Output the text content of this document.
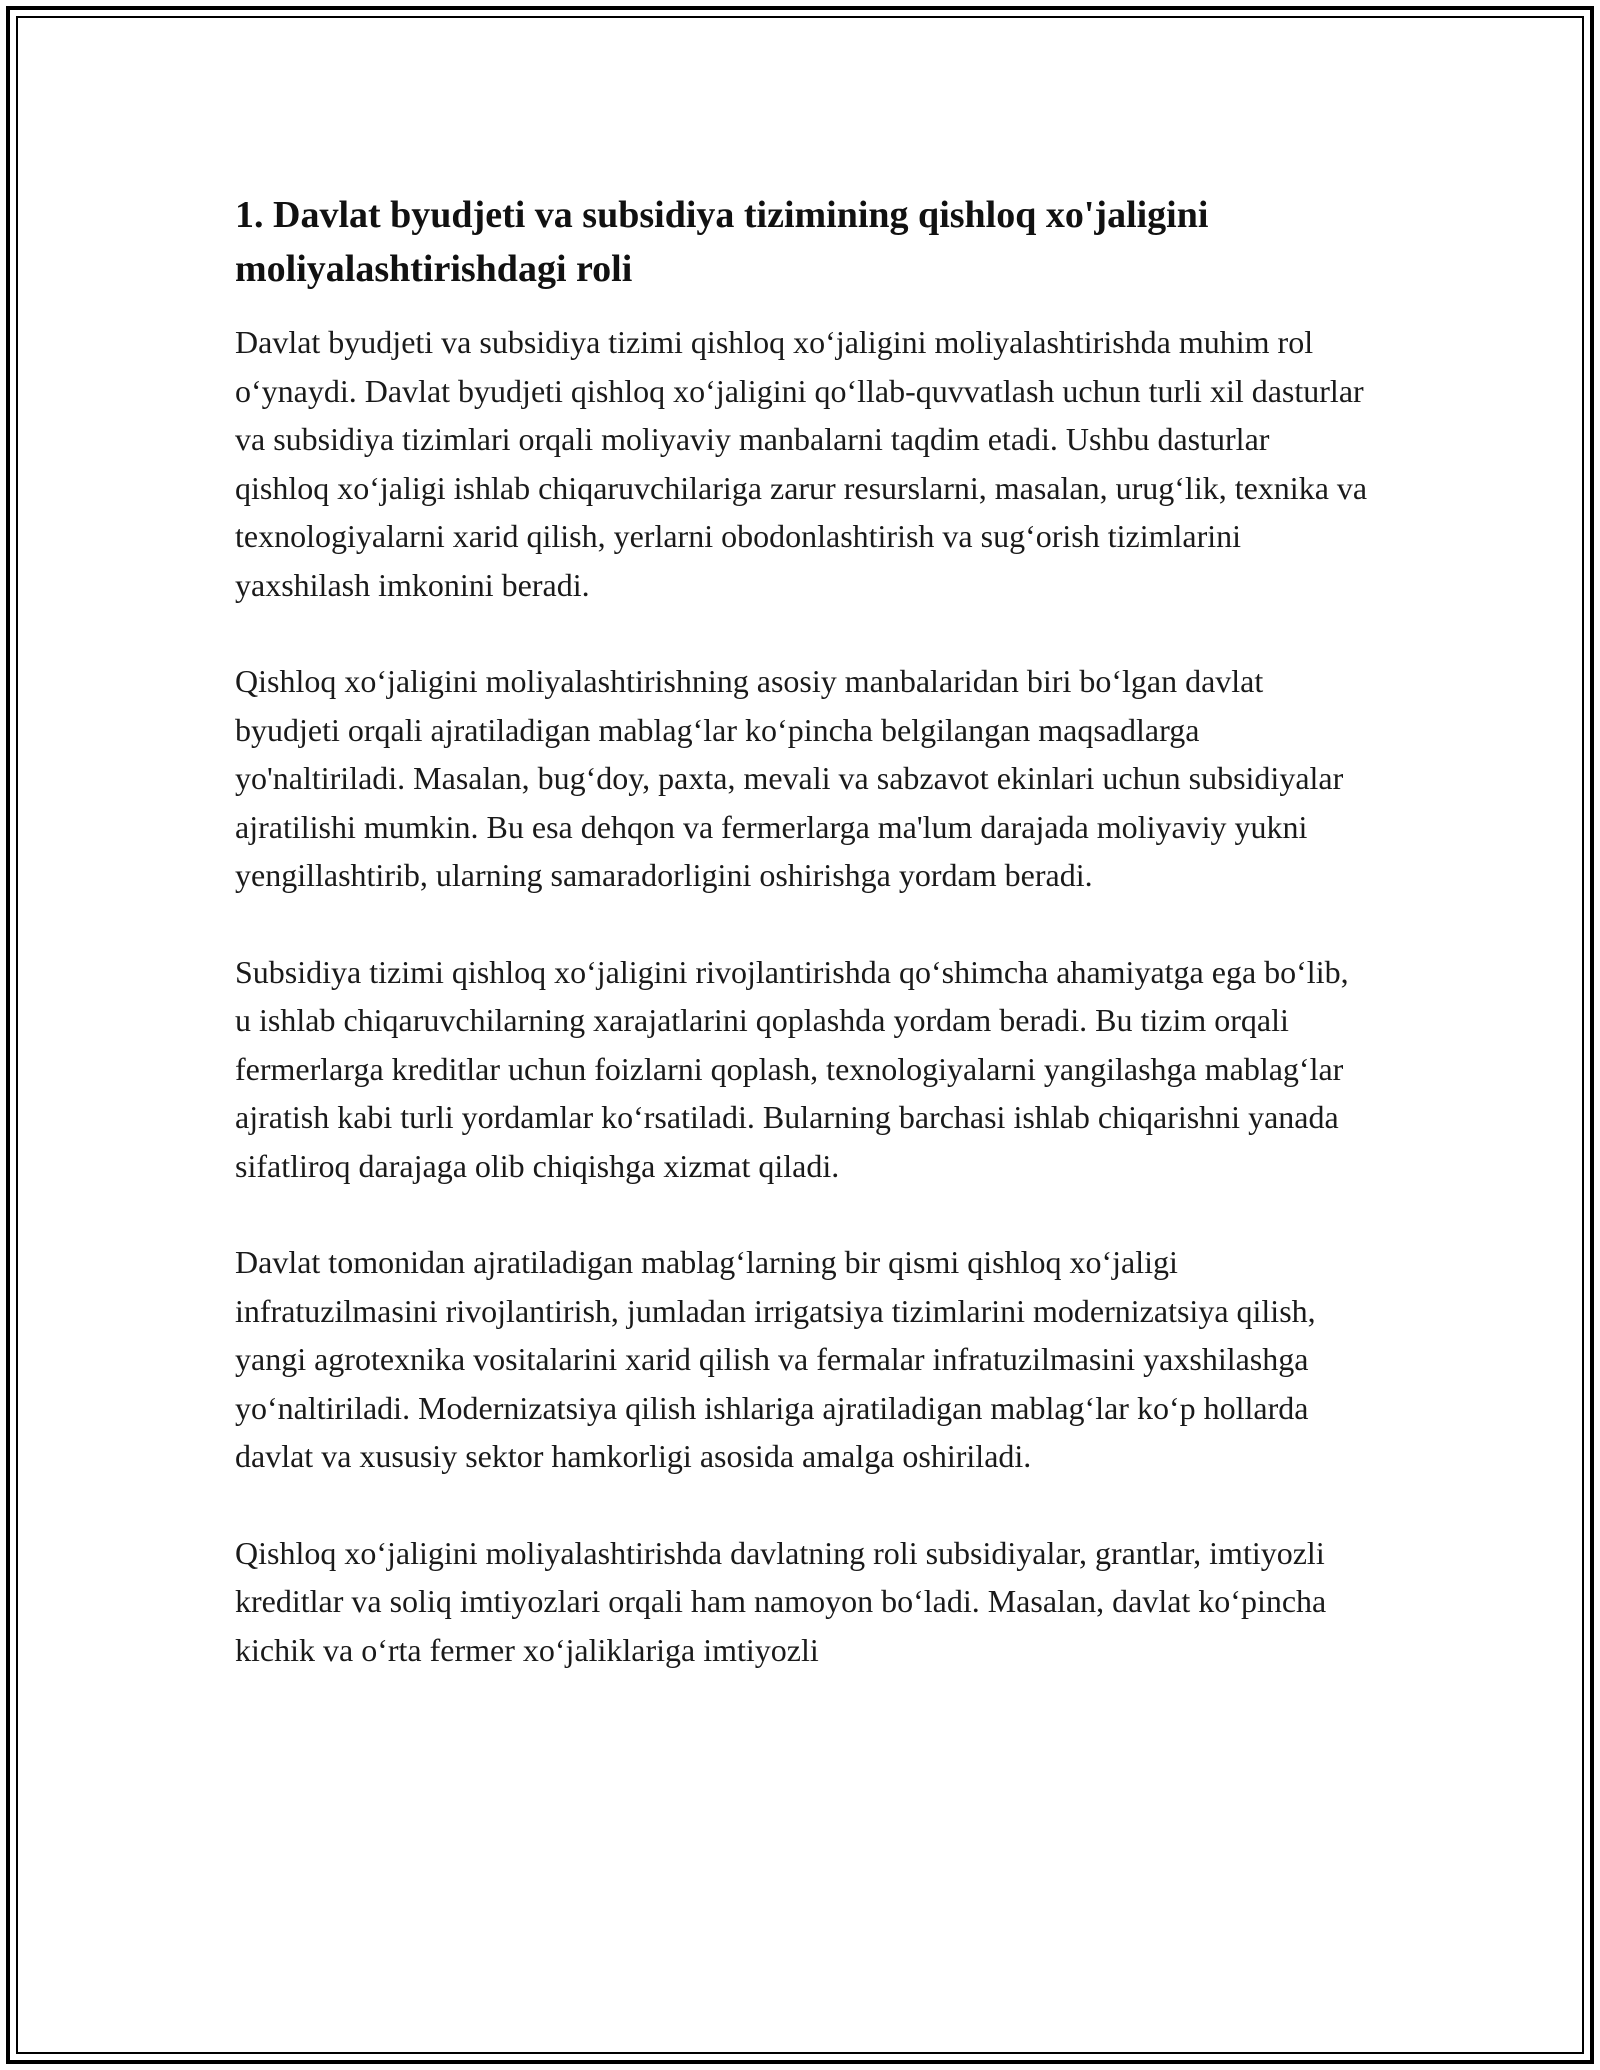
1. Davlat byudjeti va subsidiya tizimining qishloq xo'jaligini moliyalashtirishdagi roli

Davlat byudjeti va subsidiya tizimi qishloq xo‘jaligini moliyalashtirishda muhim rol o‘ynaydi. Davlat byudjeti qishloq xo‘jaligini qo‘llab-quvvatlash uchun turli xil dasturlar va subsidiya tizimlari orqali moliyaviy manbalarni taqdim etadi. Ushbu dasturlar qishloq xo‘jaligi ishlab chiqaruvchilariga zarur resurslarni, masalan, urug‘lik, texnika va texnologiyalarni xarid qilish, yerlarni obodonlashtirish va sug‘orish tizimlarini yaxshilash imkonini beradi.

Qishloq xo‘jaligini moliyalashtirishning asosiy manbalaridan biri bo‘lgan davlat byudjeti orqali ajratiladigan mablag‘lar ko‘pincha belgilangan maqsadlarga yo'naltiriladi. Masalan, bug‘doy, paxta, mevali va sabzavot ekinlari uchun subsidiyalar ajratilishi mumkin. Bu esa dehqon va fermerlarga ma'lum darajada moliyaviy yukni yengillashtirib, ularning samaradorligini oshirishga yordam beradi.

Subsidiya tizimi qishloq xo‘jaligini rivojlantirishda qo‘shimcha ahamiyatga ega bo‘lib, u ishlab chiqaruvchilarning xarajatlarini qoplashda yordam beradi. Bu tizim orqali fermerlarga kreditlar uchun foizlarni qoplash, texnologiyalarni yangilashga mablag‘lar ajratish kabi turli yordamlar ko‘rsatiladi. Bularning barchasi ishlab chiqarishni yanada sifatliroq darajaga olib chiqishga xizmat qiladi.

Davlat tomonidan ajratiladigan mablag‘larning bir qismi qishloq xo‘jaligi infratuzilmasini rivojlantirish, jumladan irrigatsiya tizimlarini modernizatsiya qilish, yangi agrotexnika vositalarini xarid qilish va fermalar infratuzilmasini yaxshilashga yo‘naltiriladi. Modernizatsiya qilish ishlariga ajratiladigan mablag‘lar ko‘p hollarda davlat va xususiy sektor hamkorligi asosida amalga oshiriladi.

Qishloq xo‘jaligini moliyalashtirishda davlatning roli subsidiyalar, grantlar, imtiyozli kreditlar va soliq imtiyozlari orqali ham namoyon bo‘ladi. Masalan, davlat ko‘pincha kichik va o‘rta fermer xo‘jaliklariga imtiyozli
